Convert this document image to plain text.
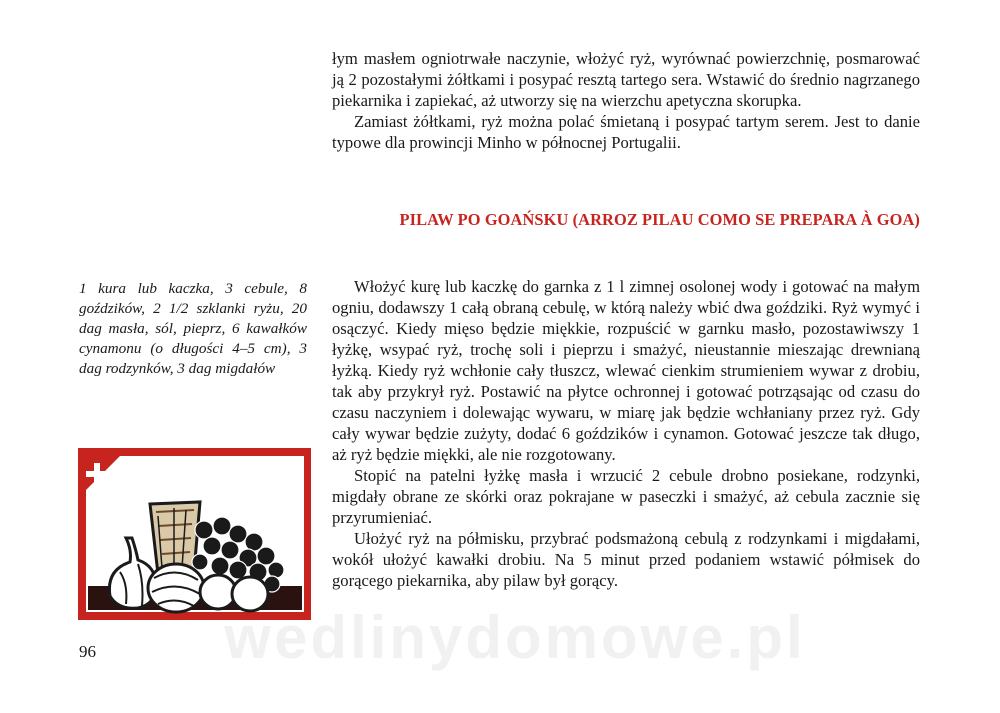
łym masłem ogniotrwałe naczynie, włożyć ryż, wyrównać powierzchnię, posmarować ją 2 pozostałymi żółtkami i posypać resztą tartego sera. Wstawić do średnio nagrzanego piekarnika i zapiekać, aż utworzy się na wierzchu apetyczna skorupka.

Zamiast żółtkami, ryż można polać śmietaną i posypać tartym serem. Jest to danie typowe dla prowincji Minho w północnej Portugalii.

PILAW PO GOAŃSKU (ARROZ PILAU COMO SE PREPARA À GOA)
1 kura lub kaczka, 3 cebule, 8 goździków, 2 1/2 szklanki ryżu, 20 dag masła, sól, pieprz, 6 kawałków cynamonu (o długości 4–5 cm), 3 dag rodzynków, 3 dag migdałów

Włożyć kurę lub kaczkę do garnka z 1 l zimnej osolonej wody i gotować na małym ogniu, dodawszy 1 całą obraną cebulę, w którą należy wbić dwa goździki. Ryż wymyć i osączyć. Kiedy mięso będzie miękkie, rozpuścić w garnku masło, pozostawiwszy 1 łyżkę, wsypać ryż, trochę soli i pieprzu i smażyć, nieustannie mieszając drewnianą łyżką. Kiedy ryż wchłonie cały tłuszcz, wlewać cienkim strumieniem wywar z drobiu, tak aby przykrył ryż. Postawić na płytce ochronnej i gotować potrząsając od czasu do czasu naczyniem i dolewając wywaru, w miarę jak będzie wchłaniany przez ryż. Gdy cały wywar będzie zużyty, dodać 6 goździków i cynamon. Gotować jeszcze tak długo, aż ryż będzie miękki, ale nie rozgotowany.

Stopić na patelni łyżkę masła i wrzucić 2 cebule drobno posiekane, rodzynki, migdały obrane ze skórki oraz pokrajane w paseczki i smażyć, aż cebula zacznie się przyrumieniać.

Ułożyć ryż na półmisku, przybrać podsmażoną cebulą z rodzynkami i migdałami, wokół ułożyć kawałki drobiu. Na 5 minut przed podaniem wstawić półmisek do gorącego piekarnika, aby pilaw był gorący.

96	wedlinydomowe.pl
